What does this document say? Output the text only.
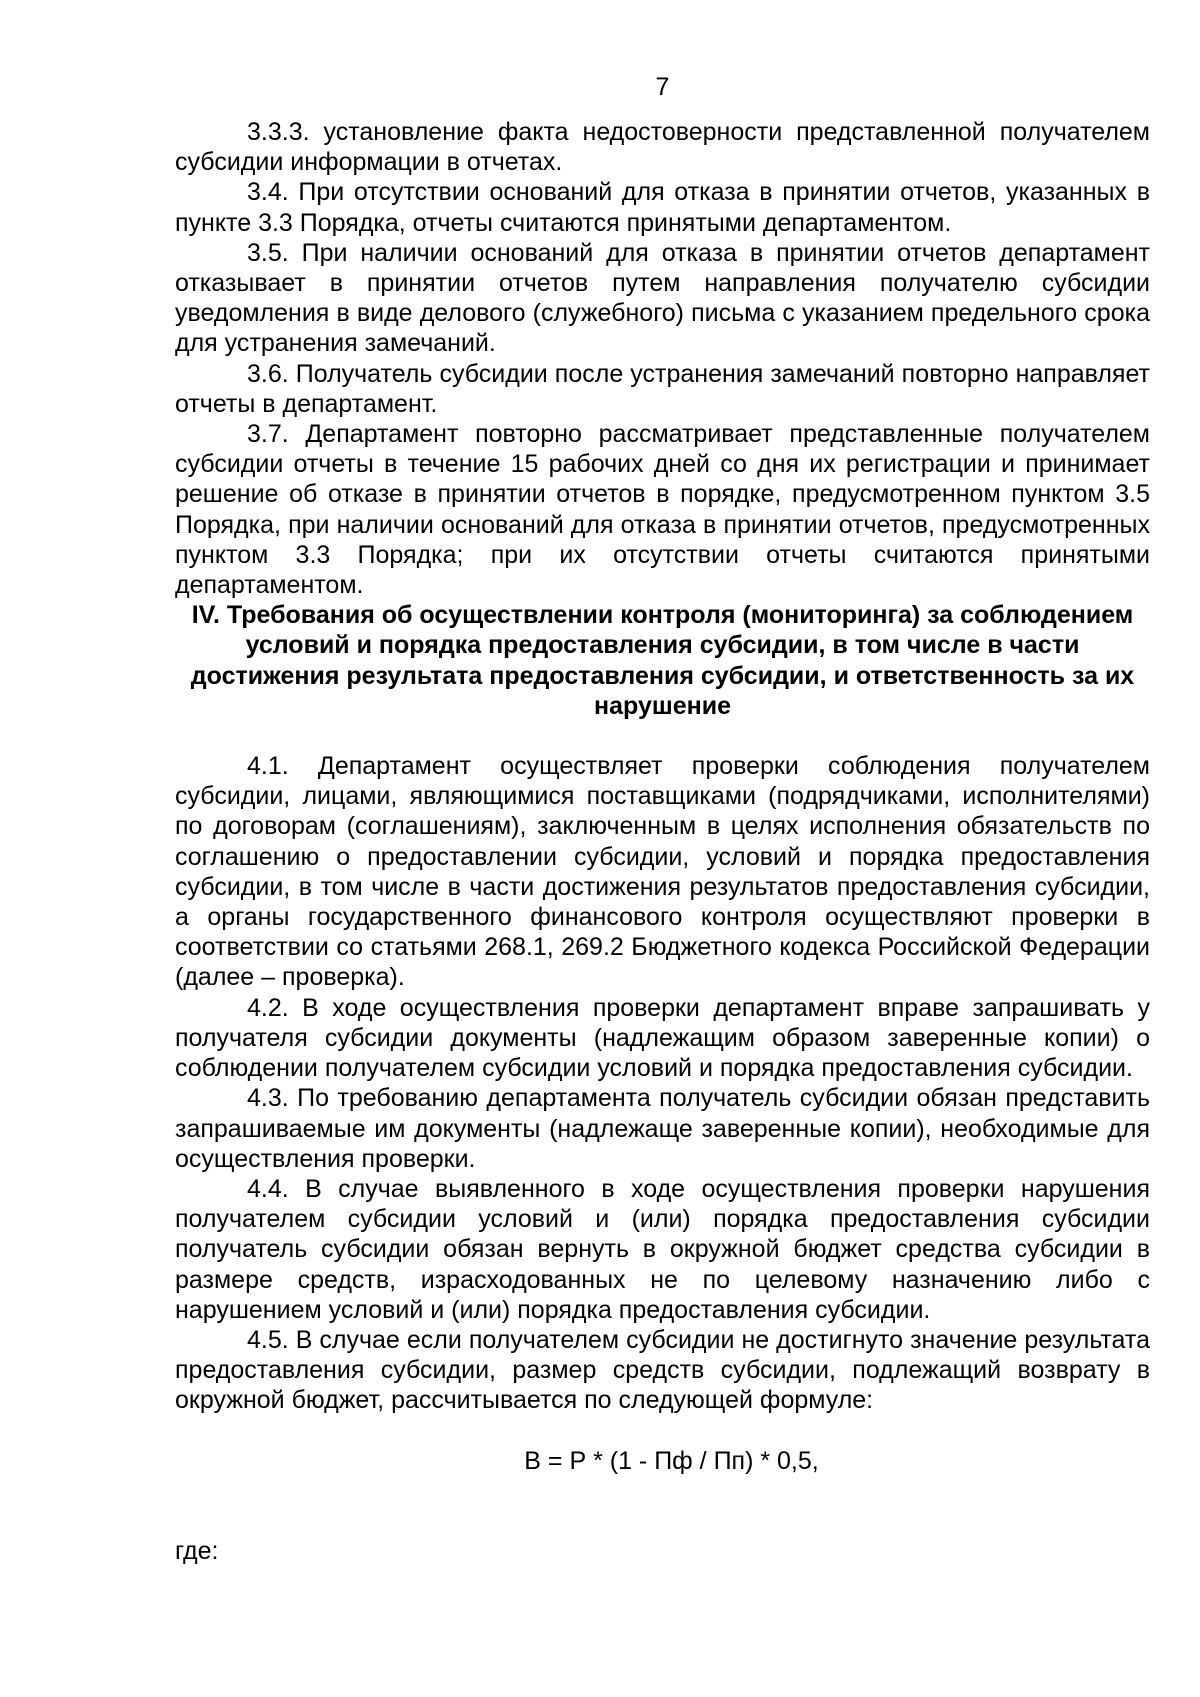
7

3.3.3. установление факта недостоверности представленной получателем субсидии информации в отчетах.

3.4. При отсутствии оснований для отказа в принятии отчетов, указанных в пункте 3.3 Порядка, отчеты считаются принятыми департаментом.

3.5. При наличии оснований для отказа в принятии отчетов департамент отказывает в принятии отчетов путем направления получателю субсидии уведомления в виде делового (служебного) письма с указанием предельного срока для устранения замечаний.

3.6. Получатель субсидии после устранения замечаний повторно направляет отчеты в департамент.

3.7. Департамент повторно рассматривает представленные получателем субсидии отчеты в течение 15 рабочих дней со дня их регистрации и принимает решение об отказе в принятии отчетов в порядке, предусмотренном пунктом 3.5 Порядка, при наличии оснований для отказа в принятии отчетов, предусмотренных пунктом 3.3 Порядка; при их отсутствии отчеты считаются принятыми департаментом.

IV. Требования об осуществлении контроля (мониторинга) за соблюдением условий и порядка предоставления субсидии, в том числе в части достижения результата предоставления субсидии, и ответственность за их нарушение

4.1. Департамент осуществляет проверки соблюдения получателем субсидии, лицами, являющимися поставщиками (подрядчиками, исполнителями) по договорам (соглашениям), заключенным в целях исполнения обязательств по соглашению о предоставлении субсидии, условий и порядка предоставления субсидии, в том числе в части достижения результатов предоставления субсидии, а органы государственного финансового контроля осуществляют проверки в соответствии со статьями 268.1, 269.2 Бюджетного кодекса Российской Федерации (далее – проверка).

4.2. В ходе осуществления проверки департамент вправе запрашивать у получателя субсидии документы (надлежащим образом заверенные копии) о соблюдении получателем субсидии условий и порядка предоставления субсидии.

4.3. По требованию департамента получатель субсидии обязан представить запрашиваемые им документы (надлежаще заверенные копии), необходимые для осуществления проверки.

4.4. В случае выявленного в ходе осуществления проверки нарушения получателем субсидии условий и (или) порядка предоставления субсидии получатель субсидии обязан вернуть в окружной бюджет средства субсидии в размере средств, израсходованных не по целевому назначению либо с нарушением условий и (или) порядка предоставления субсидии.

4.5. В случае если получателем субсидии не достигнуто значение результата предоставления субсидии, размер средств субсидии, подлежащий возврату в окружной бюджет, рассчитывается по следующей формуле:

В = Р * (1 - Пф / Пп) * 0,5,

где:
